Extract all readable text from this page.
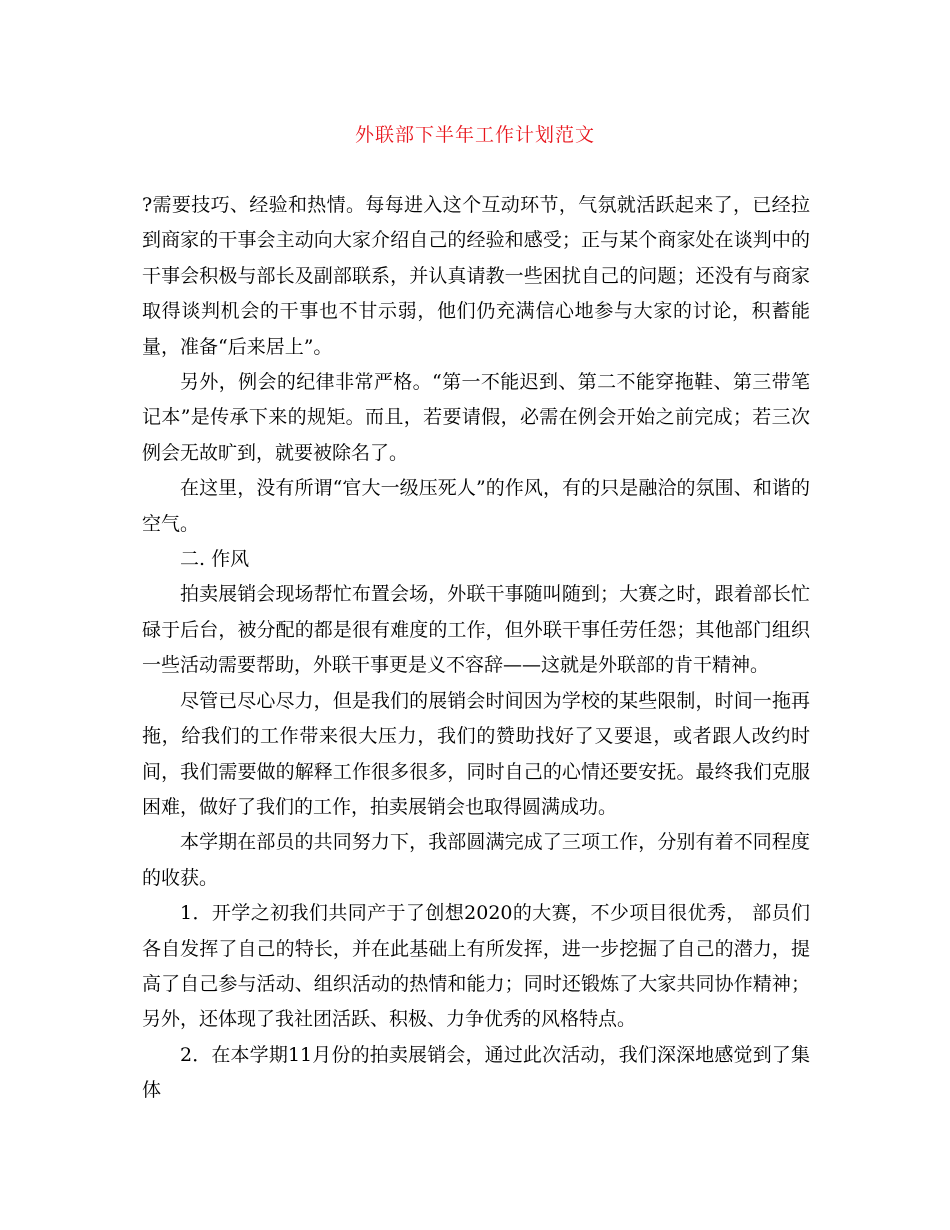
外联部下半年工作计划范文

?需要技巧、经验和热情。每每进入这个互动环节，气氛就活跃起来了，已经拉到商家的干事会主动向大家介绍自己的经验和感受；正与某个商家处在谈判中的干事会积极与部长及副部联系，并认真请教一些困扰自己的问题；还没有与商家取得谈判机会的干事也不甘示弱，他们仍充满信心地参与大家的讨论，积蓄能量，准备“后来居上”。

另外，例会的纪律非常严格。“第一不能迟到、第二不能穿拖鞋、第三带笔记本”是传承下来的规矩。而且，若要请假，必需在例会开始之前完成；若三次例会无故旷到，就要被除名了。

在这里，没有所谓“官大一级压死人”的作风，有的只是融洽的氛围、和谐的空气。

二. 作风

拍卖展销会现场帮忙布置会场，外联干事随叫随到；大赛之时，跟着部长忙碌于后台，被分配的都是很有难度的工作，但外联干事任劳任怨；其他部门组织一些活动需要帮助，外联干事更是义不容辞——这就是外联部的肯干精神。

尽管已尽心尽力，但是我们的展销会时间因为学校的某些限制，时间一拖再拖，给我们的工作带来很大压力，我们的赞助找好了又要退，或者跟人改约时间，我们需要做的解释工作很多很多，同时自己的心情还要安抚。最终我们克服困难，做好了我们的工作，拍卖展销会也取得圆满成功。

本学期在部员的共同努力下，我部圆满完成了三项工作，分别有着不同程度的收获。

1．开学之初我们共同产于了创想2020的大赛，不少项目很优秀， 部员们各自发挥了自己的特长，并在此基础上有所发挥，进一步挖掘了自己的潜力，提高了自己参与活动、组织活动的热情和能力；同时还锻炼了大家共同协作精神；另外，还体现了我社团活跃、积极、力争优秀的风格特点。

2．在本学期11月份的拍卖展销会，通过此次活动，我们深深地感觉到了集体
